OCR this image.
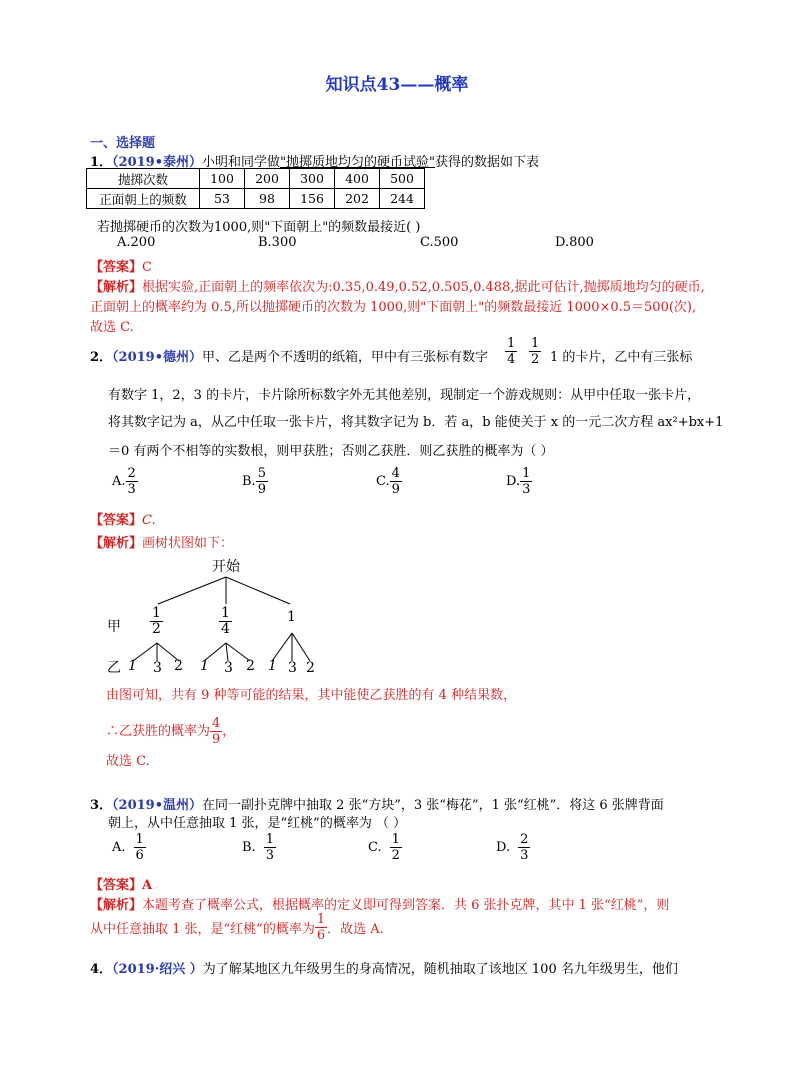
知识点43——概率
一、选择题
1．（2019•泰州）小明和同学做"抛掷质地均匀的硬币试验"获得的数据如下表
抛掷次数	100	200	300	400	500
正面朝上的频数	53	98	156	202	244
若抛掷硬币的次数为1000,则"下面朝上"的频数最接近( )
A.200	B.300	C.500	D.800
【答案】C
【解析】根据实验,正面朝上的频率依次为:0.35,0.49,0.52,0.505,0.488,据此可估计,抛掷质地均匀的硬币,
正面朝上的概率约为 0.5,所以抛掷硬币的次数为 1000,则"下面朝上"的频数最接近 1000×0.5＝500(次),
故选 C.
2．（2019•德州）甲、乙是两个不透明的纸箱，甲中有三张标有数字 $\frac{1}{4} \frac{1}{2} 1$ 的卡片，乙中有三张标
有数字 1，2，3 的卡片，卡片除所标数字外无其他差别，现制定一个游戏规则：从甲中任取一张卡片，
将其数字记为 a，从乙中任取一张卡片，将其数字记为 b．若 a，b 能使关于 x 的一元二次方程 ax²+bx+1
＝0 有两个不相等的实数根，则甲获胜；否则乙获胜．则乙获胜的概率为（ ）
A. $\frac{2}{3}$	B. $\frac{5}{9}$	C. $\frac{4}{9}$	D. $\frac{1}{3}$
【答案】C.
【解析】画树状图如下：
开始
甲
乙
$\frac{1}{2}$	$\frac{1}{4}$	1
1 3 2 1 3 2 1 3 2
由图可知，共有 9 种等可能的结果，其中能使乙获胜的有 4 种结果数，
∴乙获胜的概率为 $\frac{4}{9}$ ，
故选 C.
3．（2019•温州）在同一副扑克牌中抽取 2 张“方块”，3 张“梅花”，1 张“红桃”．将这 6 张牌背面
朝上，从中任意抽取 1 张，是“红桃”的概率为 （ ）
A. $\frac{1}{6}$	B. $\frac{1}{3}$	C. $\frac{1}{2}$	D. $\frac{2}{3}$
【答案】A
【解析】本题考查了概率公式，根据概率的定义即可得到答案．共 6 张扑克牌，其中 1 张“红桃”，则
从中任意抽取 1 张，是“红桃”的概率为 $\frac{1}{6}$ ．故选 A.
4．（2019·绍兴 ）为了解某地区九年级男生的身高情况，随机抽取了该地区 100 名九年级男生，他们
